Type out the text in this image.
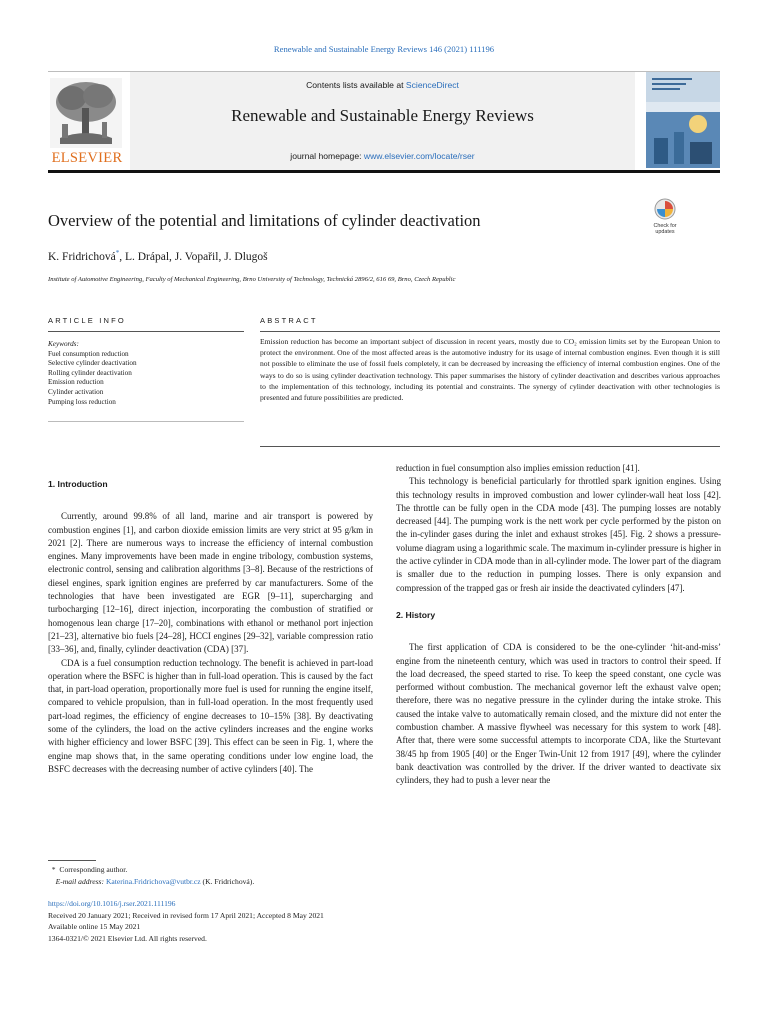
Renewable and Sustainable Energy Reviews 146 (2021) 111196
ELSEVIER
Contents lists available at ScienceDirect
Renewable and Sustainable Energy Reviews
journal homepage: www.elsevier.com/locate/rser
Overview of the potential and limitations of cylinder deactivation	Check for
updates
K. Fridrichová*, L. Drápal, J. Vopařil, J. Dlugoš
Institute of Automotive Engineering, Faculty of Mechanical Engineering, Brno University of Technology, Technická 2896/2, 616 69, Brno, Czech Republic
ARTICLE INFO	ABSTRACT
Keywords:
Fuel consumption reduction
Selective cylinder deactivation
Rolling cylinder deactivation
Emission reduction
Cylinder activation
Pumping loss reduction
Emission reduction has become an important subject of discussion in recent years, mostly due to CO₂ emission limits set by the European Union to protect the environment. One of the most affected areas is the automotive industry for its usage of internal combustion engines. Even though it is still not possible to eliminate the use of fossil fuels completely, it can be decreased by increasing the efficiency of internal combustion engines. One of the ways to do so is using cylinder deactivation technology. This paper summarises the history of cylinder deactivation and describes various approaches to the implementation of this technology, including its potential and constraints. The synergy of cylinder deactivation with other technologies is presented and future possibilities are predicted.
1. Introduction

Currently, around 99.8% of all land, marine and air transport is powered by combustion engines [1], and carbon dioxide emission limits are very strict at 95 g/km in 2021 [2]. There are numerous ways to increase the efficiency of internal combustion engines. Many improvements have been made in engine tribology, combustion systems, electronic control, sensing and calibration algorithms [3–8]. Because of the restrictions of diesel engines, spark ignition engines are preferred by car manufacturers. Some of the technologies that have been investigated are EGR [9–11], supercharging and turbocharging [12–16], direct injection, incorporating the combustion of stratified or homogenous lean charge [17–20], combinations with ethanol or methanol port injection [21–23], alternative bio fuels [24–28], HCCI engines [29–32], variable compression ratio [33–36], and, finally, cylinder deactivation (CDA) [37].

CDA is a fuel consumption reduction technology. The benefit is achieved in part-load operation where the BSFC is higher than in full-load operation. This is caused by the fact that, in part-load operation, proportionally more fuel is used for running the engine itself, compared to vehicle propulsion, than in full-load operation. In the most frequently used part-load regimes, the efficiency of engine decreases to 10–15% [38]. By deactivating some of the cylinders, the load on the active cylinders increases and the engine works with higher efficiency and lower BSFC [39]. This effect can be seen in Fig. 1, where the engine map shows that, in the same operating conditions under low engine load, the BSFC decreases with the decreasing number of active cylinders [40]. The

reduction in fuel consumption also implies emission reduction [41].

This technology is beneficial particularly for throttled spark ignition engines. Using this technology results in improved combustion and lower cylinder-wall heat loss [42]. The throttle can be fully open in the CDA mode [43]. The pumping losses are notably decreased [44]. The pumping work is the nett work per cycle performed by the piston on the in-cylinder gases during the inlet and exhaust strokes [45]. Fig. 2 shows a pressure-volume diagram using a logarithmic scale. The maximum in-cylinder pressure is higher in the active cylinder in CDA mode than in all-cylinder mode. The lower part of the diagram is smaller due to the reduction in pumping losses. There is only expansion and compression of the trapped gas or fresh air inside the deactivated cylinders [47].

2. History

The first application of CDA is considered to be the one-cylinder ‘hit-and-miss’ engine from the nineteenth century, which was used in tractors to control their speed. If the load decreased, the speed started to rise. To keep the speed constant, one cycle was performed without combustion. The mechanical governor left the exhaust valve open; therefore, there was no negative pressure in the cylinder during the intake stroke. This caused the intake valve to automatically remain closed, and the mixture did not enter the combustion chamber. A massive flywheel was necessary for this system to work [48]. After that, there were some successful attempts to incorporate CDA, like the Sturtevant 38/45 hp from 1905 [40] or the Enger Twin-Unit 12 from 1917 [49], where the cylinder bank deactivation was controlled by the driver. If the driver wanted to deactivate six cylinders, they had to push a lever near the

* Corresponding author.
E-mail address: Katerina.Fridrichova@vutbr.cz (K. Fridrichová).
https://doi.org/10.1016/j.rser.2021.111196
Received 20 January 2021; Received in revised form 17 April 2021; Accepted 8 May 2021
Available online 15 May 2021
1364-0321/© 2021 Elsevier Ltd. All rights reserved.
